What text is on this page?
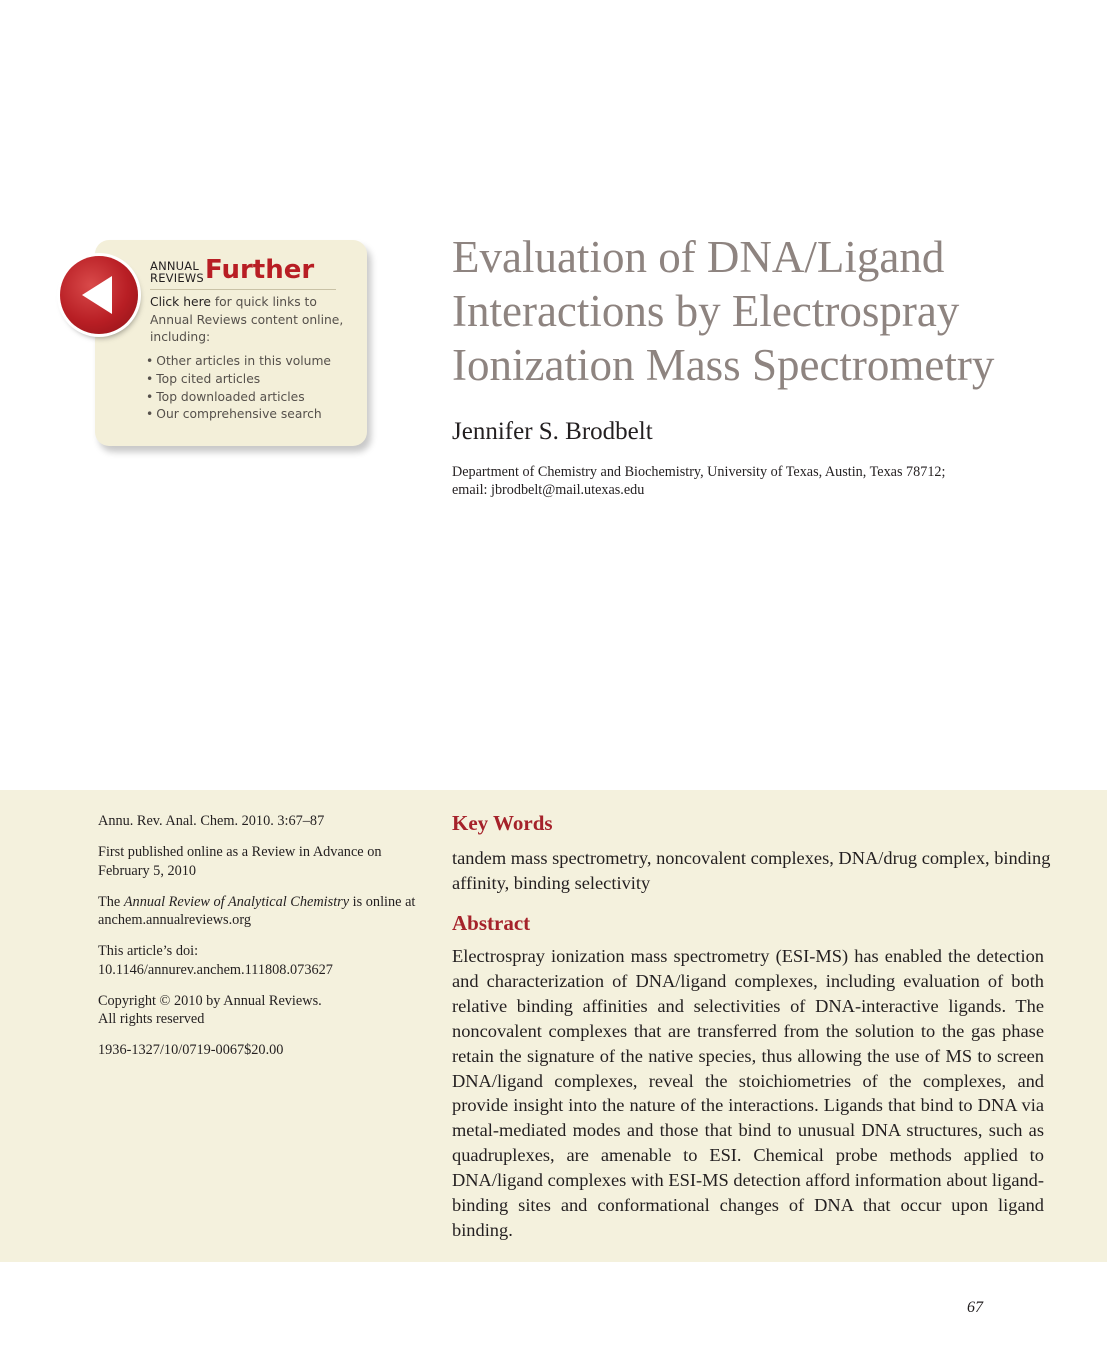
ANNUAL
REVIEWS Further
Click here for quick links to Annual Reviews content online, including:
• Other articles in this volume
• Top cited articles
• Top downloaded articles
• Our comprehensive search
Evaluation of DNA/Ligand Interactions by Electrospray Ionization Mass Spectrometry
Jennifer S. Brodbelt
Department of Chemistry and Biochemistry, University of Texas, Austin, Texas 78712;
email: jbrodbelt@mail.utexas.edu

Annu. Rev. Anal. Chem. 2010. 3:67–87

First published online as a Review in Advance on February 5, 2010

The Annual Review of Analytical Chemistry is online at anchem.annualreviews.org

This article’s doi:
10.1146/annurev.anchem.111808.073627

Copyright © 2010 by Annual Reviews.
All rights reserved

1936-1327/10/0719-0067$20.00

Key Words
tandem mass spectrometry, noncovalent complexes, DNA/drug complex, binding affinity, binding selectivity
Abstract

Electrospray ionization mass spectrometry (ESI-MS) has enabled the detection and characterization of DNA/ligand complexes, including evaluation of both relative binding affinities and selectivities of DNA-interactive ligands. The noncovalent complexes that are transferred from the solution to the gas phase retain the signature of the native species, thus allowing the use of MS to screen DNA/ligand complexes, reveal the stoichiometries of the complexes, and provide insight into the nature of the interactions. Ligands that bind to DNA via metal-mediated modes and those that bind to unusual DNA structures, such as quadruplexes, are amenable to ESI. Chemical probe methods applied to DNA/ligand complexes with ESI-MS detection afford information about ligand-binding sites and conformational changes of DNA that occur upon ligand binding.

67
